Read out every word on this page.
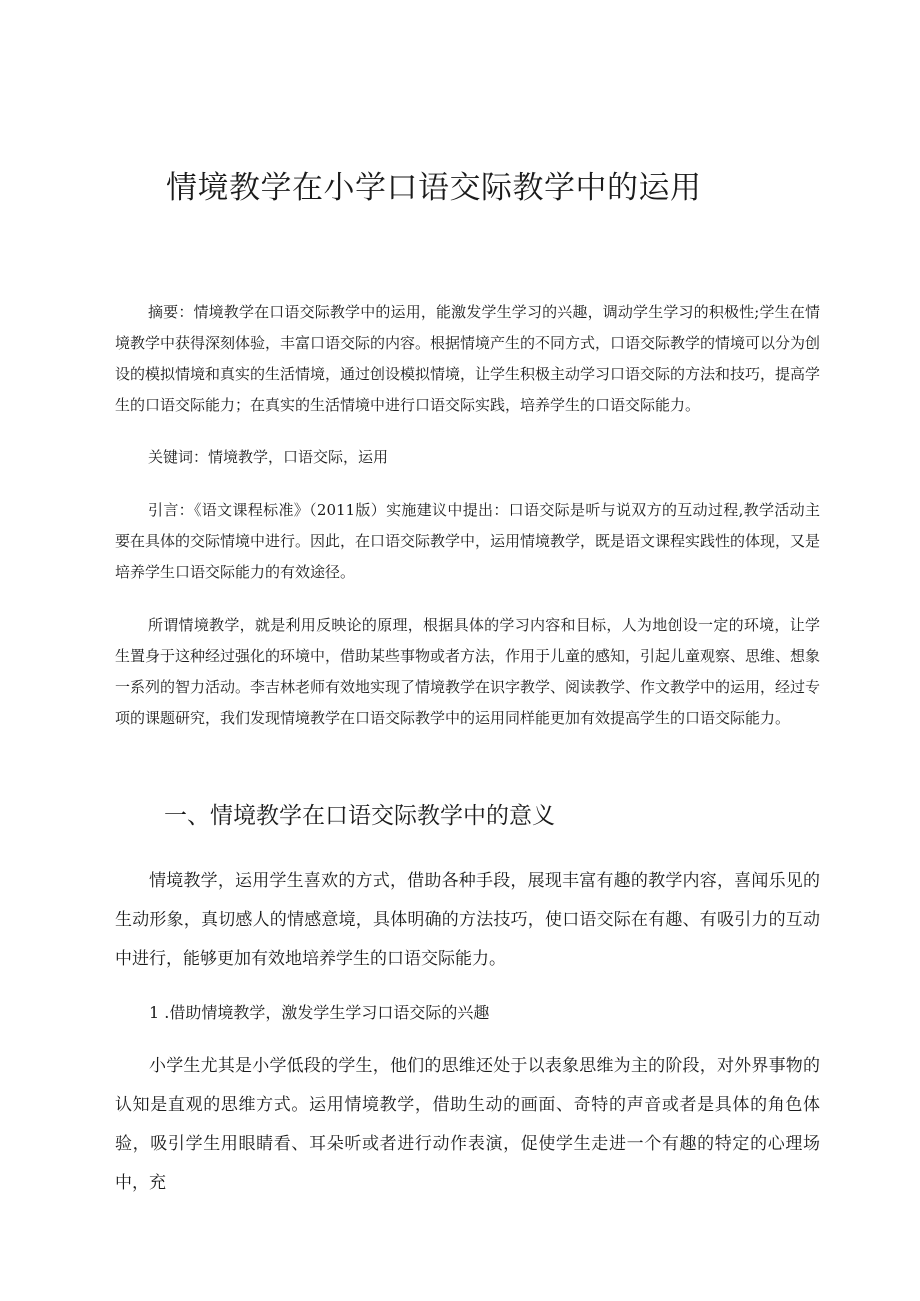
情境教学在小学口语交际教学中的运用

摘要：情境教学在口语交际教学中的运用，能激发学生学习的兴趣，调动学生学习的积极性;学生在情境教学中获得深刻体验，丰富口语交际的内容。根据情境产生的不同方式，口语交际教学的情境可以分为创设的模拟情境和真实的生活情境，通过创设模拟情境，让学生积极主动学习口语交际的方法和技巧，提高学生的口语交际能力；在真实的生活情境中进行口语交际实践，培养学生的口语交际能力。

关键词：情境教学，口语交际，运用

引言：《语文课程标准》（2011版）实施建议中提出：口语交际是听与说双方的互动过程,教学活动主要在具体的交际情境中进行。因此，在口语交际教学中，运用情境教学，既是语文课程实践性的体现，又是培养学生口语交际能力的有效途径。

所谓情境教学，就是利用反映论的原理，根据具体的学习内容和目标，人为地创设一定的环境，让学生置身于这种经过强化的环境中，借助某些事物或者方法，作用于儿童的感知，引起儿童观察、思维、想象一系列的智力活动。李吉林老师有效地实现了情境教学在识字教学、阅读教学、作文教学中的运用，经过专项的课题研究，我们发现情境教学在口语交际教学中的运用同样能更加有效提高学生的口语交际能力。

一、情境教学在口语交际教学中的意义

情境教学，运用学生喜欢的方式，借助各种手段，展现丰富有趣的教学内容，喜闻乐见的生动形象，真切感人的情感意境，具体明确的方法技巧，使口语交际在有趣、有吸引力的互动中进行，能够更加有效地培养学生的口语交际能力。

1 .借助情境教学，激发学生学习口语交际的兴趣

小学生尤其是小学低段的学生，他们的思维还处于以表象思维为主的阶段，对外界事物的认知是直观的思维方式。运用情境教学，借助生动的画面、奇特的声音或者是具体的角色体验，吸引学生用眼睛看、耳朵听或者进行动作表演，促使学生走进一个有趣的特定的心理场中，充
